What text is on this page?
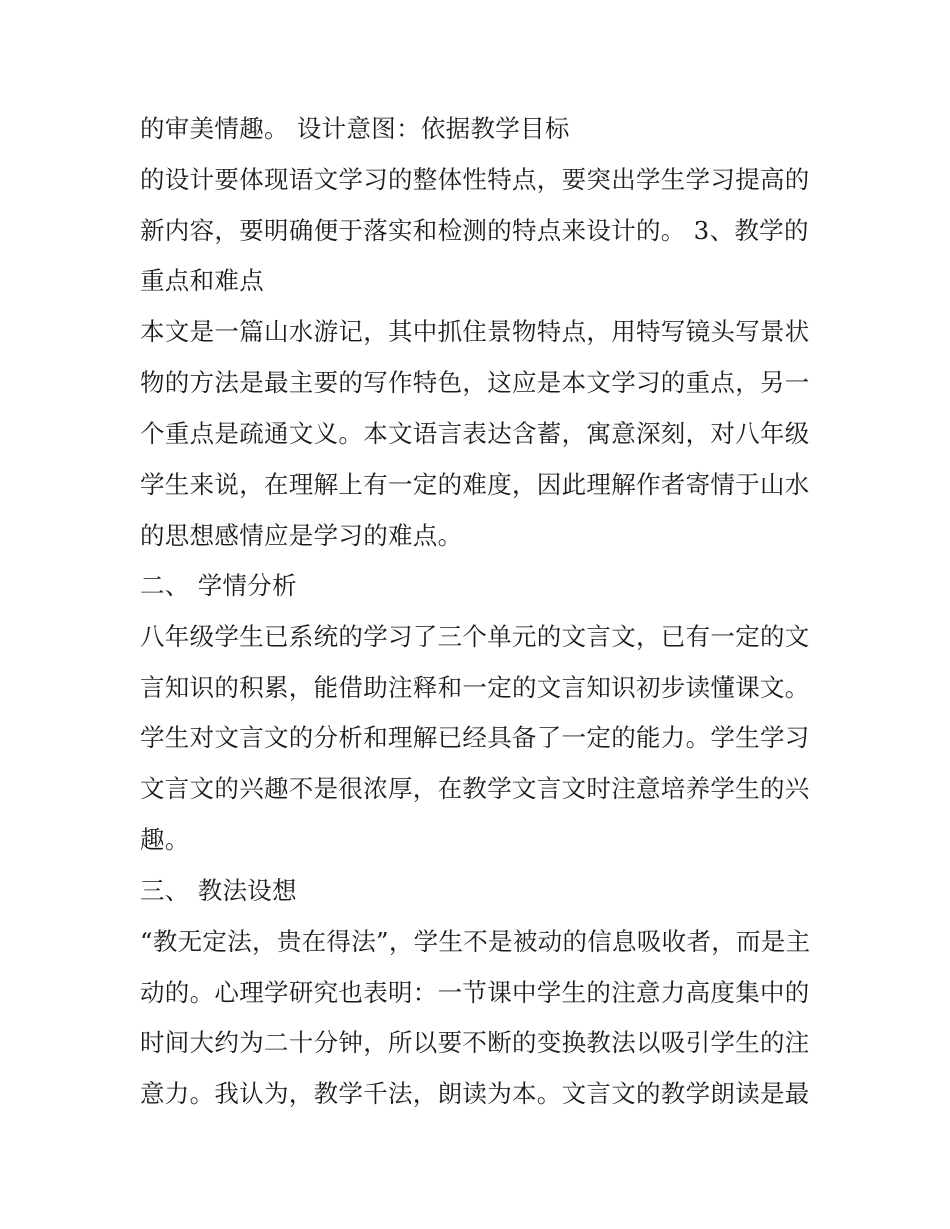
的审美情趣。 设计意图：依据教学目标

的设计要体现语文学习的整体性特点，要突出学生学习提高的

新内容，要明确便于落实和检测的特点来设计的。 3、教学的

重点和难点

本文是一篇山水游记，其中抓住景物特点，用特写镜头写景状

物的方法是最主要的写作特色，这应是本文学习的重点，另一

个重点是疏通文义。本文语言表达含蓄，寓意深刻，对八年级

学生来说，在理解上有一定的难度，因此理解作者寄情于山水

的思想感情应是学习的难点。

二、 学情分析

八年级学生已系统的学习了三个单元的文言文，已有一定的文

言知识的积累，能借助注释和一定的文言知识初步读懂课文。

学生对文言文的分析和理解已经具备了一定的能力。学生学习

文言文的兴趣不是很浓厚，在教学文言文时注意培养学生的兴

趣。

三、 教法设想

“教无定法，贵在得法”，学生不是被动的信息吸收者，而是主

动的。心理学研究也表明：一节课中学生的注意力高度集中的

时间大约为二十分钟，所以要不断的变换教法以吸引学生的注

意力。我认为，教学千法，朗读为本。文言文的教学朗读是最
